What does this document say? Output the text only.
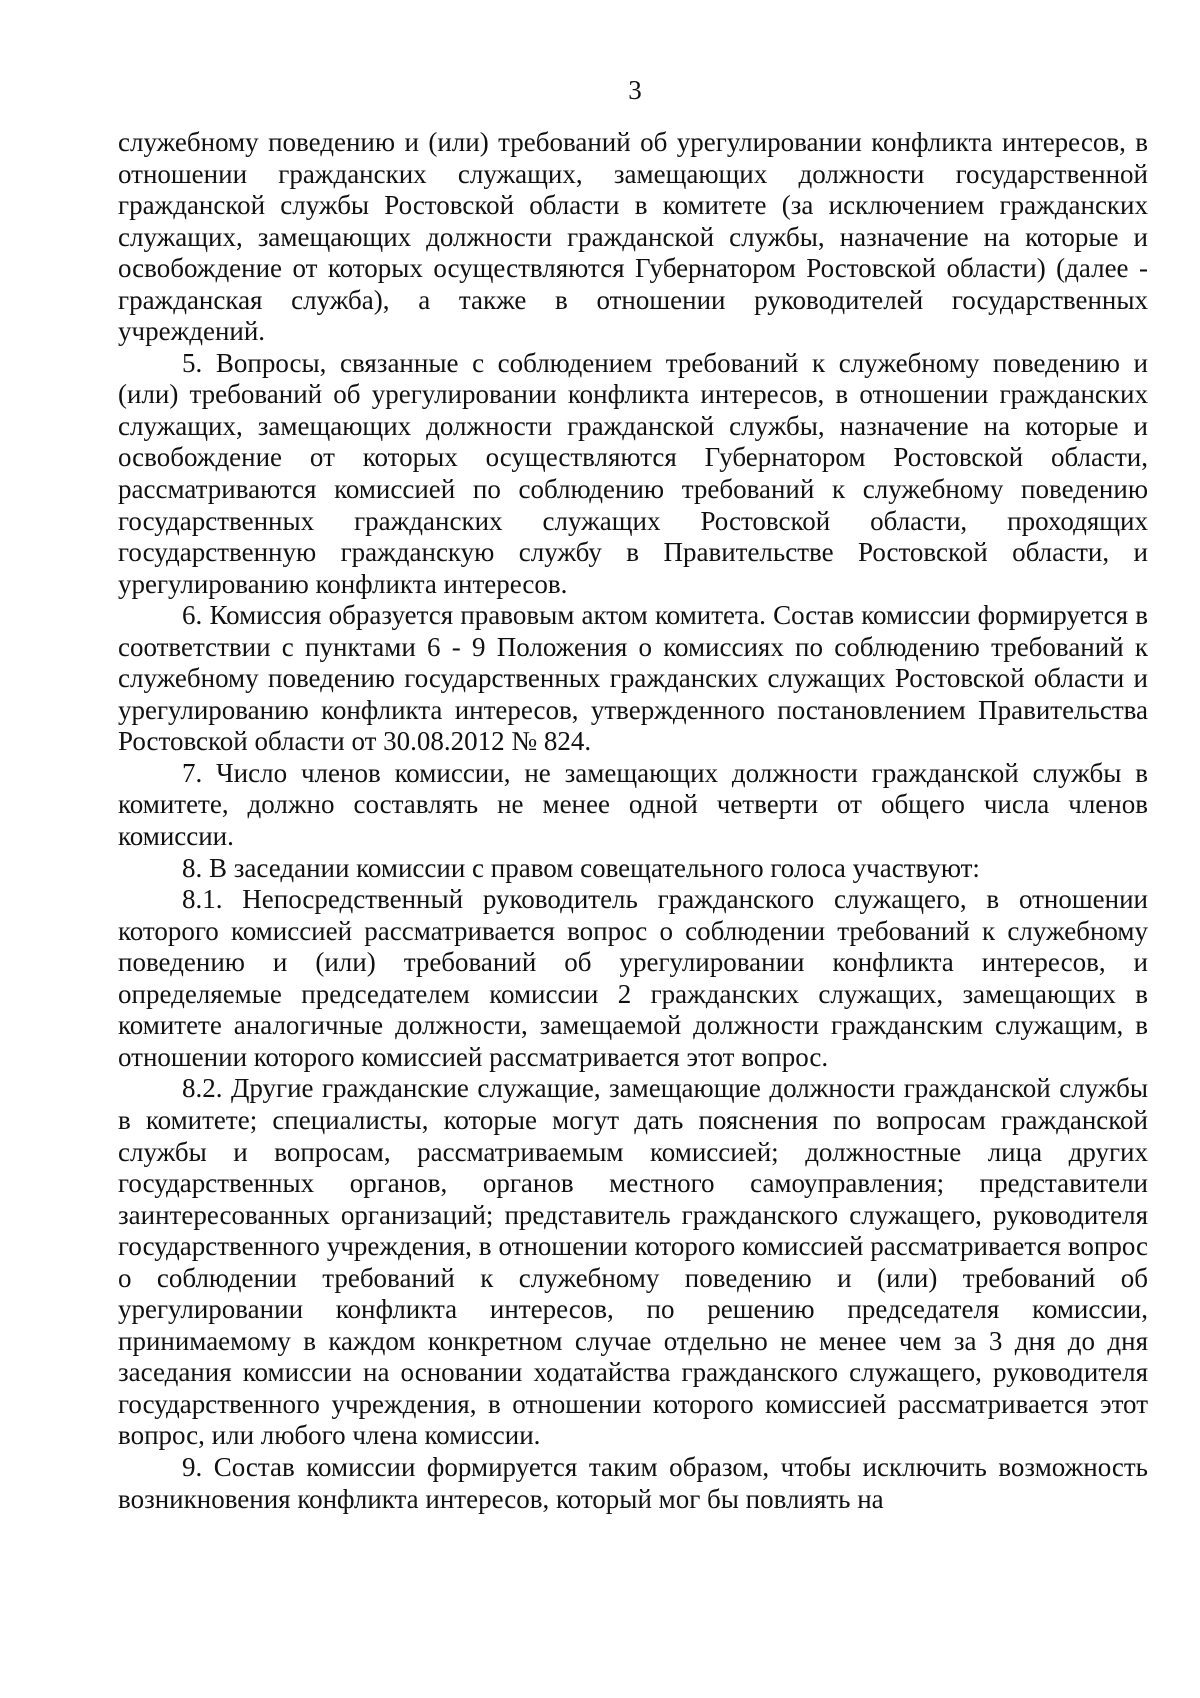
3

служебному поведению и (или) требований об урегулировании конфликта интересов, в отношении гражданских служащих, замещающих должности государственной гражданской службы Ростовской области в комитете (за исключением гражданских служащих, замещающих должности гражданской службы, назначение на которые и освобождение от которых осуществляются Губернатором Ростовской области) (далее - гражданская служба), а также в отношении руководителей государственных учреждений.

5. Вопросы, связанные с соблюдением требований к служебному поведению и (или) требований об урегулировании конфликта интересов, в отношении гражданских служащих, замещающих должности гражданской службы, назначение на которые и освобождение от которых осуществляются Губернатором Ростовской области, рассматриваются комиссией по соблюдению требований к служебному поведению государственных гражданских служащих Ростовской области, проходящих государственную гражданскую службу в Правительстве Ростовской области, и урегулированию конфликта интересов.

6. Комиссия образуется правовым актом комитета. Состав комиссии формируется в соответствии с пунктами 6 - 9 Положения о комиссиях по соблюдению требований к служебному поведению государственных гражданских служащих Ростовской области и урегулированию конфликта интересов, утвержденного постановлением Правительства Ростовской области от 30.08.2012 № 824.

7. Число членов комиссии, не замещающих должности гражданской службы в комитете, должно составлять не менее одной четверти от общего числа членов комиссии.

8. В заседании комиссии с правом совещательного голоса участвуют:

8.1. Непосредственный руководитель гражданского служащего, в отношении которого комиссией рассматривается вопрос о соблюдении требований к служебному поведению и (или) требований об урегулировании конфликта интересов, и определяемые председателем комиссии 2 гражданских служащих, замещающих в комитете аналогичные должности, замещаемой должности гражданским служащим, в отношении которого комиссией рассматривается этот вопрос.

8.2. Другие гражданские служащие, замещающие должности гражданской службы в комитете; специалисты, которые могут дать пояснения по вопросам гражданской службы и вопросам, рассматриваемым комиссией; должностные лица других государственных органов, органов местного самоуправления; представители заинтересованных организаций; представитель гражданского служащего, руководителя государственного учреждения, в отношении которого комиссией рассматривается вопрос о соблюдении требований к служебному поведению и (или) требований об урегулировании конфликта интересов, по решению председателя комиссии, принимаемому в каждом конкретном случае отдельно не менее чем за 3 дня до дня заседания комиссии на основании ходатайства гражданского служащего, руководителя государственного учреждения, в отношении которого комиссией рассматривается этот вопрос, или любого члена комиссии.

9. Состав комиссии формируется таким образом, чтобы исключить возможность возникновения конфликта интересов, который мог бы повлиять на
